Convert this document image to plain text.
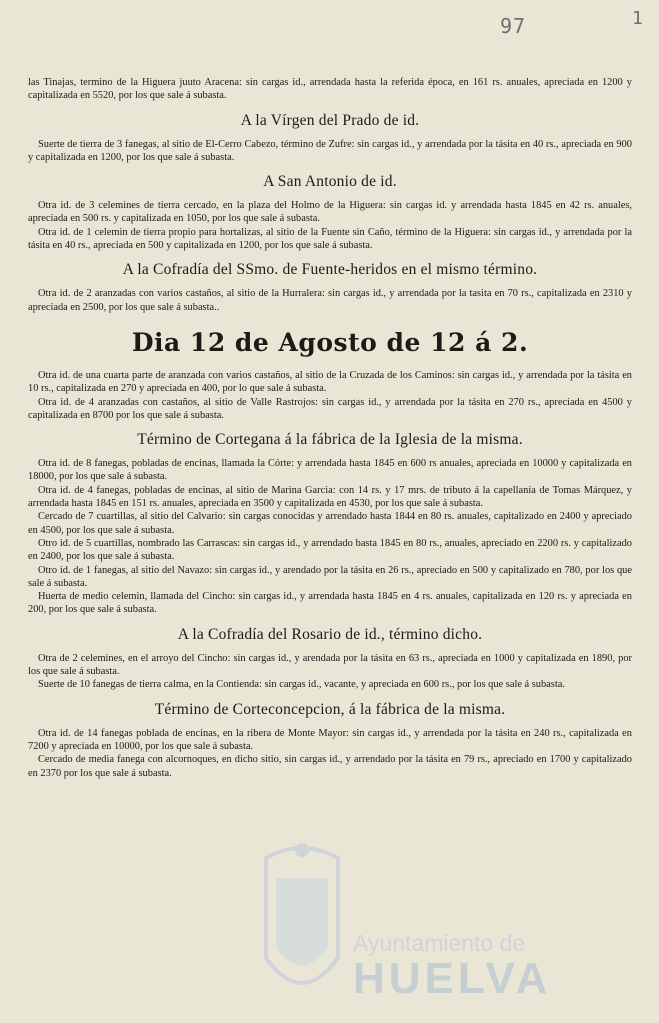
97	1

las Tinajas, termino de la Higuera juuto Aracena: sin cargas id., arrendada hasta la referida época, en 161 rs. anuales, apreciada en 1200 y capitalizada en 5520, por los que sale á subasta.

A la Vírgen del Prado de id.

Suerte de tierra de 3 fanegas, al sitio de El-Cerro Cabezo, término de Zufre: sin cargas id., y arrendada por la tásita en 40 rs., apreciada en 900 y capitalizada en 1200, por los que sale á subasta.

A San Antonio de id.

Otra id. de 3 celemines de tierra cercado, en la plaza del Holmo de la Higuera: sin cargas id. y arrendada hasta 1845 en 42 rs. anuales, apreciada en 500 rs. y capitalizada en 1050, por los que sale á subasta.

Otra id. de 1 celemin de tierra propio para hortalizas, al sitio de la Fuente sin Caño, término de la Higuera: sin cargas id., y arrendada por la tásita en 40 rs., apreciada en 500 y capitalizada en 1200, por los que sale á subasta.

A la Cofradía del SSmo. de Fuente-heridos en el mismo término.

Otra id. de 2 aranzadas con varios castaños, al sitio de la Hurralera: sin cargas id., y arrendada por la tasita en 70 rs., capitalizada en 2310 y apreciada en 2500, por los que sale á subasta..

Dia 12 de Agosto de 12 á 2.

Otra id. de una cuarta parte de aranzada con varios castaños, al sitio de la Cruzada de los Caminos: sin cargas id., y arrendada por la tásita en 10 rs., capitalizada en 270 y apreciada en 400, por lo que sale á subasta.

Otra id. de 4 aranzadas con castaños, al sitio de Valle Rastrojos: sin cargas id., y arrendada por la tásita en 270 rs., apreciada en 4500 y capitalizada en 8700 por los que sale á subasta.

Término de Cortegana á la fábrica de la Iglesia de la misma.

Otra id. de 8 fanegas, pobladas de encinas, llamada la Córte: y arrendada hasta 1845 en 600 rs anuales, apreciada en 10000 y capitalizada en 18000, por los que sale á subasta.

Otra id. de 4 fanegas, pobladas de encinas, al sitio de Marina Garcia: con 14 rs. y 17 mrs. de tributo á la capellanía de Tomas Márquez, y arrendada hasta 1845 en 151 rs. anuales, apreciada en 3500 y capitalizada en 4530, por los que sale á subasta.

Cercado de 7 cuartillas, al sitio del Calvario: sin cargas conocidas y arrendado hasta 1844 en 80 rs. anuales, capitalizado en 2400 y apreciado en 4500, por los que sale á subasta.

Otro id. de 5 cuartillas, nombrado las Carrascas: sin cargas id., y arrendado basta 1845 en 80 rs., anuales, apreciado en 2200 rs. y capitalizado en 2400, por los que sale á subasta.

Otro id. de 1 fanegas, al sitio del Navazo: sin cargas id., y arendado por la tásita en 26 rs., apreciado en 500 y capitalizado en 780, por los que sale á subasta.

Huerta de medio celemin, llamada del Cincho: sin cargas id., y arrendada hasta 1845 en 4 rs. anuales, capitalizada en 120 rs. y apreciada en 200, por los que sale á subasta.

A la Cofradía del Rosario de id., término dicho.

Otra de 2 celemines, en el arroyo del Cincho: sin cargas id., y arendada por la tásita en 63 rs., apreciada en 1000 y capitalizada en 1890, por los que sale á subasta.

Suerte de 10 fanegas de tierra calma, en la Contienda: sin cargas id., vacante, y apreciada en 600 rs., por los que sale á subasta.

Término de Corteconcepcion, á la fábrica de la misma.

Otra id. de 14 fanegas poblada de encinas, en la ribera de Monte Mayor: sin cargas id., y arrendada por la tásita en 240 rs., capitalizada en 7200 y apreciada en 10000, por los que sale á subasta.

Cercado de media fanega con alcornoques, en dicho sitio, sin cargas id., y arrendado por la tásita en 79 rs., apreciado en 1700 y capitalizado en 2370 por los que sale á subasta.

Ayuntamiento de
HUELVA
